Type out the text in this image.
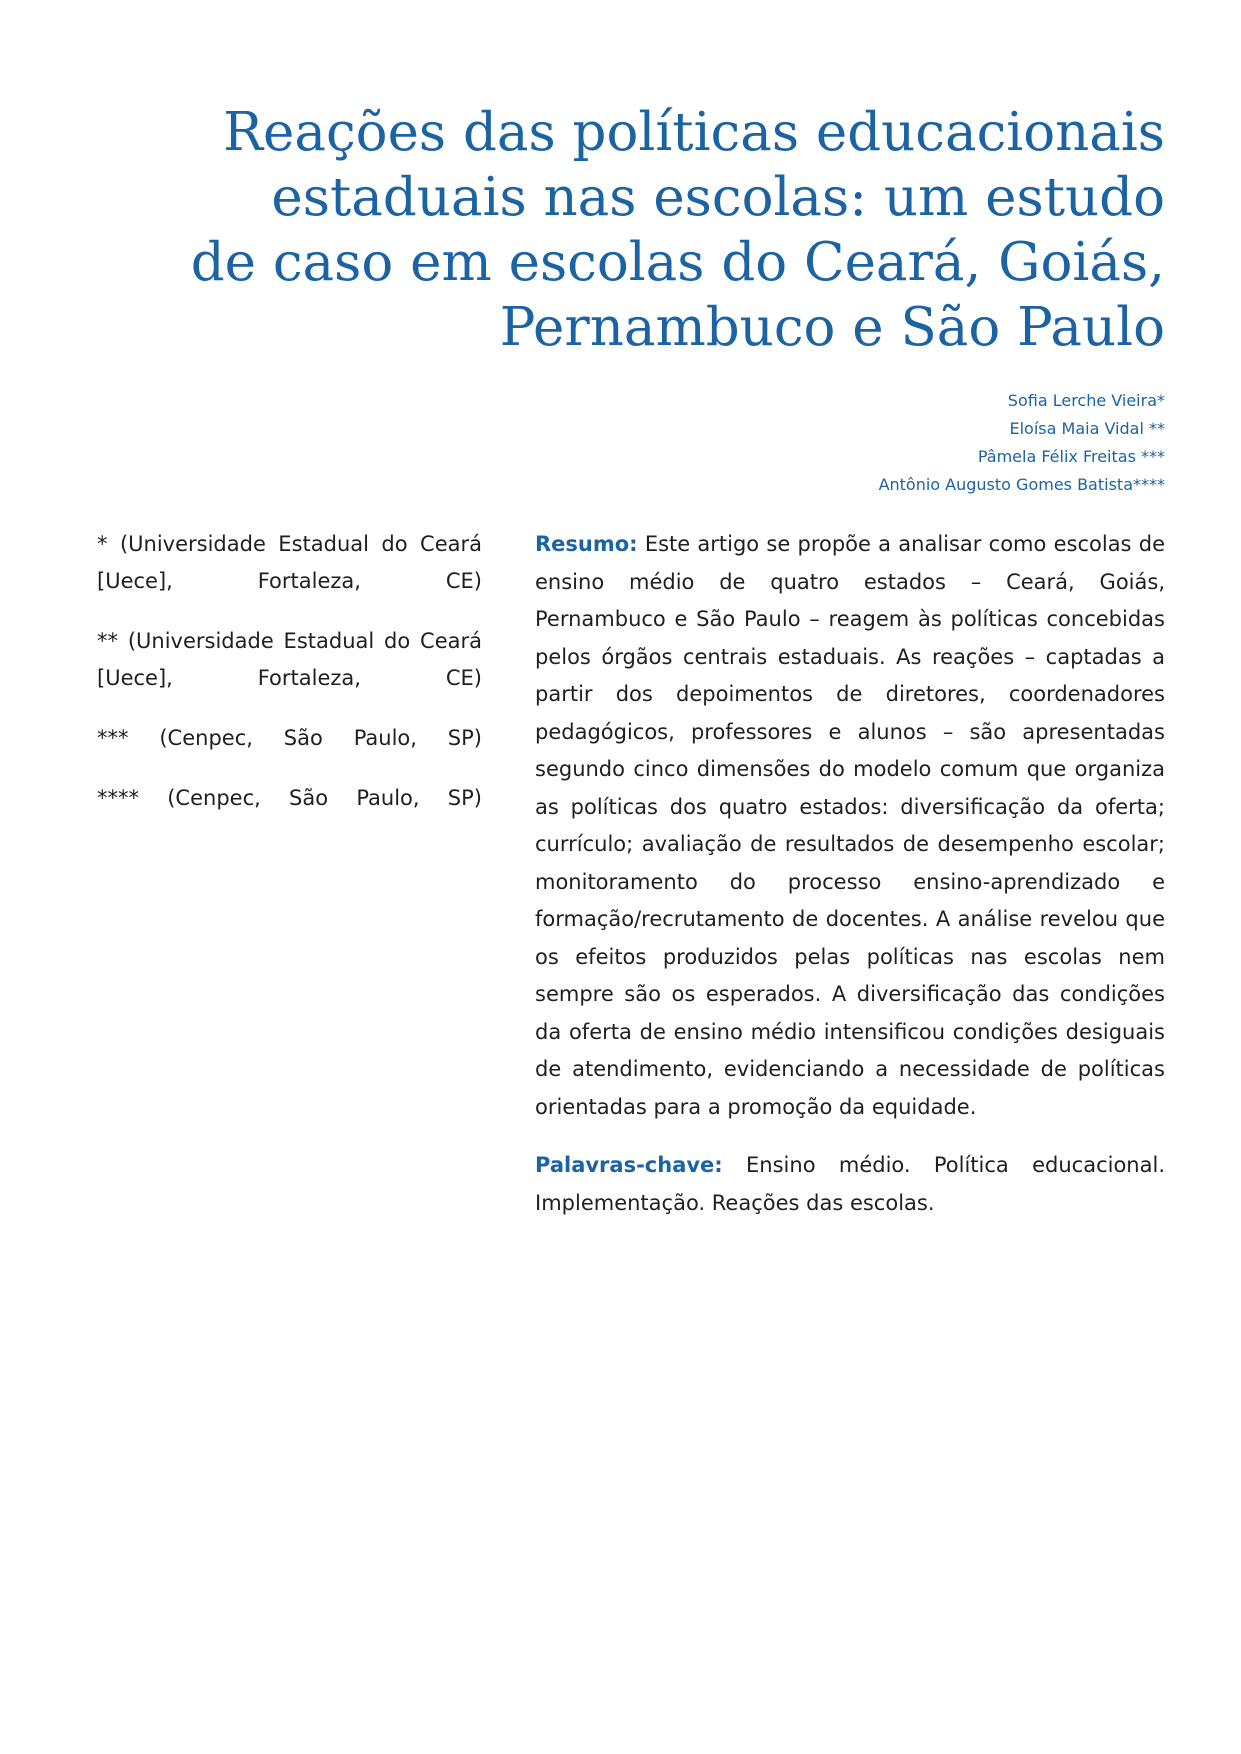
Reações das políticas educacionais
estaduais nas escolas: um estudo
de caso em escolas do Ceará, Goiás,
Pernambuco e São Paulo
Sofia Lerche Vieira*
Eloísa Maia Vidal **
Pâmela Félix Freitas ***
Antônio Augusto Gomes Batista****

* (Universidade Estadual do Ceará [Uece], Fortaleza, CE)

** (Universidade Estadual do Ceará [Uece], Fortaleza, CE)

*** (Cenpec, São Paulo, SP)

**** (Cenpec, São Paulo, SP)

Resumo: Este artigo se propõe a analisar como escolas de ensino médio de quatro estados – Ceará, Goiás, Pernambuco e São Paulo – reagem às políticas concebidas pelos órgãos centrais estaduais. As reações – captadas a partir dos depoimentos de diretores, coordenadores pedagógicos, professores e alunos – são apresentadas segundo cinco dimensões do modelo comum que organiza as políticas dos quatro estados: diversificação da oferta; currículo; avaliação de resultados de desempenho escolar; monitoramento do processo ensino-aprendizado e formação/recrutamento de docentes. A análise revelou que os efeitos produzidos pelas políticas nas escolas nem sempre são os esperados. A diversificação das condições da oferta de ensino médio intensificou condições desiguais de atendimento, evidenciando a necessidade de políticas orientadas para a promoção da equidade.

Palavras-chave: Ensino médio. Política educacional. Implementação. Reações das escolas.
